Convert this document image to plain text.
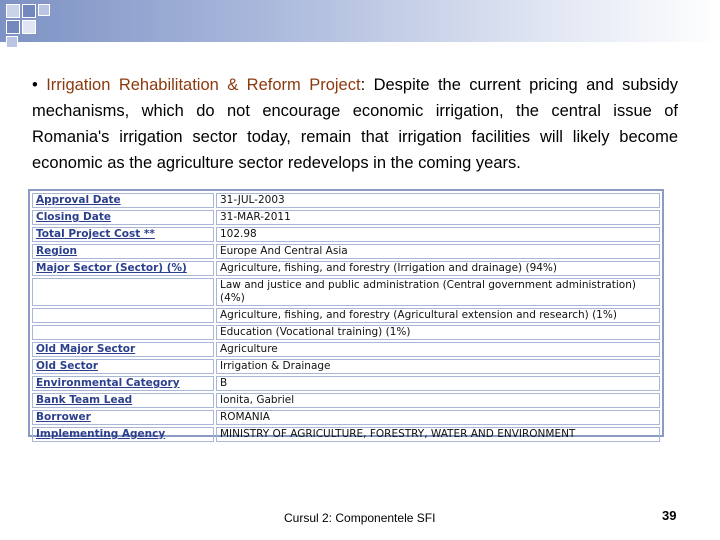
• Irrigation Rehabilitation & Reform Project: Despite the current pricing and subsidy mechanisms, which do not encourage economic irrigation, the central issue of Romania's irrigation sector today, remain that irrigation facilities will likely become economic as the agriculture sector redevelops in the coming years.

Approval Date	31-JUL-2003
Closing Date	31-MAR-2011
Total Project Cost **	102.98
Region	Europe And Central Asia
Major Sector (Sector) (%)	Agriculture, fishing, and forestry (Irrigation and drainage) (94%)
	Law and justice and public administration (Central government administration) (4%)
	Agriculture, fishing, and forestry (Agricultural extension and research) (1%)
	Education (Vocational training) (1%)
Old Major Sector	Agriculture
Old Sector	Irrigation & Drainage
Environmental Category	B
Bank Team Lead	Ionita, Gabriel
Borrower	ROMANIA
Implementing Agency	MINISTRY OF AGRICULTURE, FORESTRY, WATER AND ENVIRONMENT
Cursul 2: Componentele SFI	39
